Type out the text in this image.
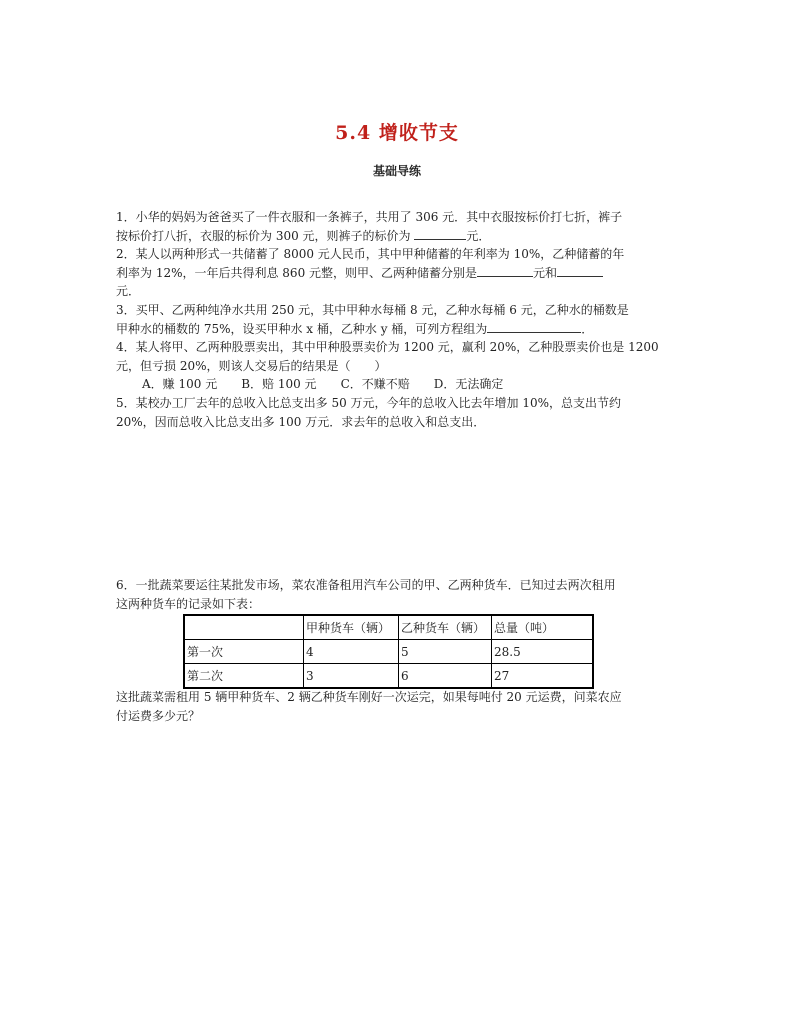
5.4 增收节支
基础导练
1．小华的妈妈为爸爸买了一件衣服和一条裤子，共用了 306 元．其中衣服按标价打七折，裤子
按标价打八折，衣服的标价为 300 元，则裤子的标价为	元．
2．某人以两种形式一共储蓄了 8000 元人民币，其中甲种储蓄的年利率为 10%，乙种储蓄的年
利率为 12%，一年后共得利息 860 元整，则甲、乙两种储蓄分别是	元和
元．
3．买甲、乙两种纯净水共用 250 元，其中甲种水每桶 8 元，乙种水每桶 6 元，乙种水的桶数是
甲种水的桶数的 75%，设买甲种水 x 桶，乙种水 y 桶，可列方程组为	．
4．某人将甲、乙两种股票卖出，其中甲种股票卖价为 1200 元，赢利 20%，乙种股票卖价也是 1200
元，但亏损 20%，则该人交易后的结果是（　　）
A．赚 100 元 B．赔 100 元 C．不赚不赔 D．无法确定
5．某校办工厂去年的总收入比总支出多 50 万元，今年的总收入比去年增加 10%，总支出节约
20%，因而总收入比总支出多 100 万元．求去年的总收入和总支出．
6．一批蔬菜要运往某批发市场，菜农准备租用汽车公司的甲、乙两种货车．已知过去两次租用
这两种货车的记录如下表：
	甲种货车（辆）	乙种货车（辆）	总量（吨）
第一次	4	5	28.5
第二次	3	6	27
这批蔬菜需租用 5 辆甲种货车、2 辆乙种货车刚好一次运完，如果每吨付 20 元运费，问菜农应
付运费多少元？
